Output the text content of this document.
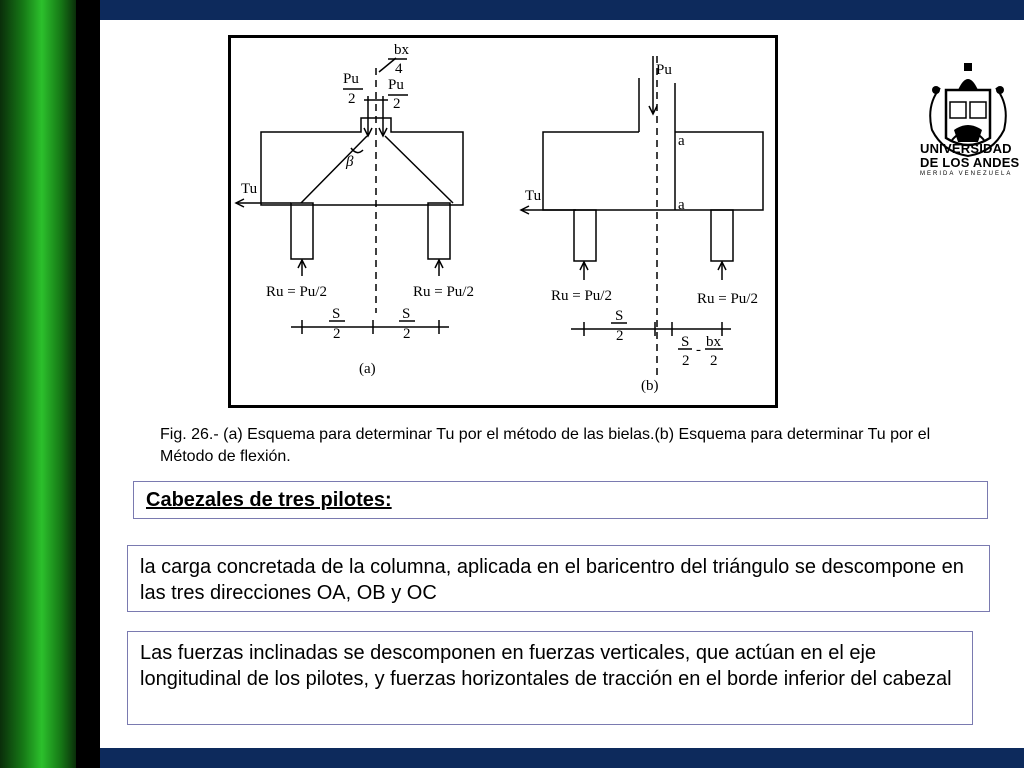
bx
4
Pu
2
Pu
2
β
Tu
Ru = Pu/2	Ru = Pu/2
S
2
S
2
(a)
Pu
a
a
Tu
Ru = Pu/2	Ru = Pu/2
S
2	S
2
- bx
2
(b)
UNIVERSIDAD
DE LOS ANDES
MERIDA VENEZUELA
Fig. 26.- (a) Esquema para determinar Tu por el método de las bielas.(b) Esquema para determinar Tu por el Método de flexión.
Cabezales de tres pilotes:

la carga concretada de la columna, aplicada en el baricentro del triángulo se descompone en las tres direcciones OA, OB y OC

Las fuerzas inclinadas se descomponen en fuerzas verticales, que actúan en el eje longitudinal de los pilotes, y fuerzas horizontales de tracción en el borde inferior del cabezal
